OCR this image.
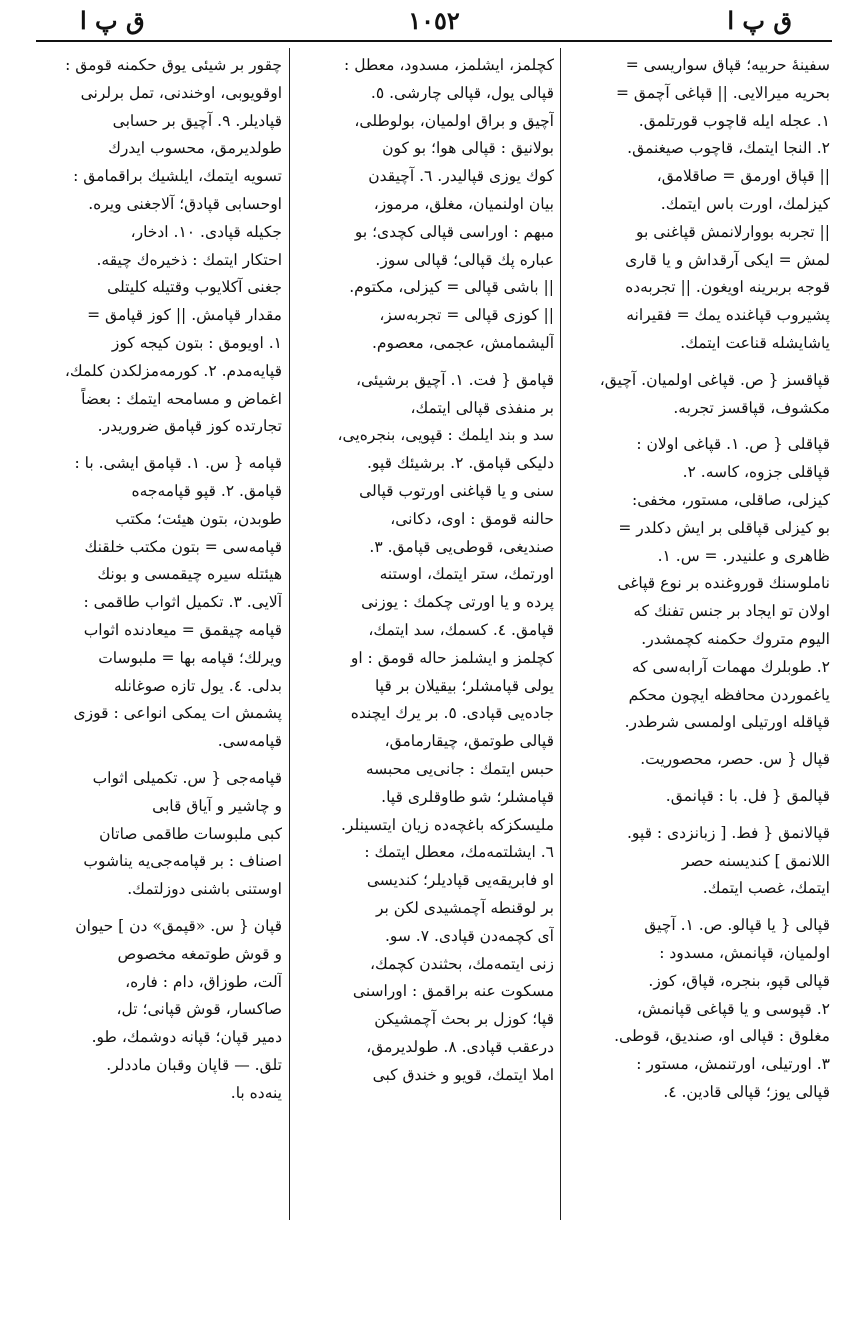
ق پ ا
١٠٥٢
ق پ ا
سفينهٔ حربيه؛ قپاق سواريسی =
بحريه ميرالايی. || قپاغی آچمق =
١. عجله ايله قاچوب قورتلمق.
٢. النجا ايتمك، قاچوب صيغنمق.
|| قپاق اورمق = صاقلامق،
كيزلمك، اورت باس ايتمك.
|| تجربه بووارلانمش قپاغنی بو
لمش = ايكی آرقداش و يا قاری
قوجه بربرينه اويغون. || تجربه‌ده
پشيروب قپاغنده يمك = فقيرانه
ياشايشله قناعت ايتمك.
قپاقسز { ص. قپاغی اولميان. آچيق،
مكشوف، قپاقسز تجربه.
قپاقلی { ص. ١. قپاغی اولان :
قپاقلی جزوه، كاسه. ٢.
كيزلی، صاقلی، مستور، مخفی:
بو كيزلی قپاقلی بر ايش دكلدر =
ظاهری و علنيدر. = س. ١.
ناملوسنك قوروغنده بر نوع قپاغی
اولان تو ايجاد بر جنس تفنك كه
اليوم متروك حكمنه كچمشدر.
٢. طوبلرك مهمات آرابه‌سی كه
ياغموردن محافظه ايچون محكم
قپاقله اورتيلی اولمسی شرطدر.
قپال { س. حصر، محصوريت.
قپالمق { فل. با : قپانمق.
قپالانمق { فط. [ زبانزدی : قپو.
اللانمق ] كنديسنه حصر
ايتمك، غصب ايتمك.
قپالی { يا قپالو. ص. ١. آچيق
اولميان، قپانمش، مسدود :
قپالی قپو، بنجره، قپاق، كوز.
٢. قپوسی و يا قپاغی قپانمش،
مغلوق : قپالی او، صنديق، قوطی.
٣. اورتيلی، اورتنمش، مستور :
قپالی يوز؛ قپالی قادين. ٤.
كچلمز، ايشلمز، مسدود، معطل :
قپالی يول، قپالی چارشی. ٥.
آچيق و براق اولميان، بولوطلی،
بولانيق : قپالی هوا؛ بو كون
كوك يوزی قپاليدر. ٦. آچيقدن
بيان اولنميان، مغلق، مرموز،
مبهم : اوراسی قپالی كچدی؛ بو
عباره پك قپالی؛ قپالی سوز.
|| باشی قپالی = كيزلی، مكتوم.
|| كوزی قپالی = تجربه‌سز،
آليشمامش، عجمی، معصوم.
قپامق { فت. ١. آچيق برشيئی،
بر منفذی قپالی ايتمك،
سد و بند ايلمك : قپويی، بنجره‌يی،
دليكی قپامق. ٢. برشيئك قپو.
سنی و يا قپاغنی اورتوب قپالی
حالنه قومق : اوی، دكانی،
صنديغی، قوطی‌يی قپامق. ٣.
اورتمك، ستر ايتمك، اوستنه
پرده و يا اورتی چكمك : يوزنی
قپامق. ٤. كسمك، سد ايتمك،
كچلمز و ايشلمز حاله قومق : او
يولی قپامشلر؛ بيقيلان بر قپا
جاده‌يی قپادی. ٥. بر يرك ايچنده
قپالی طوتمق، چيقارمامق،
حبس ايتمك : جانی‌يی محبسه
قپامشلر؛ شو طاوقلری قپا.
مليسكزكه باغچه‌ده زيان ايتسينلر.
٦. ايشلتمه‌مك، معطل ايتمك :
او فابريقه‌يی قپاديلر؛ كنديسی
بر لوقنطه آچمشيدی لكن بر
آی كچمه‌دن قپادی. ٧. سو.
زنی ايتمه‌مك، بحثندن كچمك،
مسكوت عنه براقمق : اوراسنی
قپا؛ كوزل بر بحث آچمشيكن
درعقب قپادی. ٨. طولديرمق،
املا ايتمك، قويو و خندق كبی
چقور بر شيئی يوق حكمنه قومق :
اوقويوبی، اوخندنی، تمل برلرنی
قپاديلر. ٩. آچيق بر حسابی
طولديرمق، محسوب ايدرك
تسويه ايتمك، ايلشيك براقمامق :
اوحسابی قپادق؛ آلاجغنی ويره.
جكيله قپادی. ١٠. ادخار،
احتكار ايتمك : ذخيره‌ك چيقه.
جغنی آكلايوب وقتيله كليتلی
مقدار قپامش. || كوز قپامق =
١. اويومق : بتون كيجه كوز
قپايه‌مدم. ٢. كورمه‌مزلكدن كلمك،
اغماض و مسامحه ايتمك : بعضاً
تجارتده كوز قپامق ضروريدر.
قپامه { س. ١. قپامق ايشی. با :
قپامق. ٢. قپو قپامه‌جه‌ه
طوبدن، بتون هيئت؛ مكتب
قپامه‌سی = بتون مكتب خلقنك
هيئتله سيره چيقمسی و بونك
آلايی. ٣. تكميل اثواب طاقمی :
قپامه چيقمق = ميعادنده اثواب
ويرلك؛ قپامه بها = ملبوسات
بدلی. ٤. يول تازه صوغانله
پشمش ات يمكی انواعی : قوزی
قپامه‌سی.
قپامه‌جی { س. تكميلی اثواب
و چاشير و آياق قابی
كبی ملبوسات طاقمی صاتان
اصناف : بر قپامه‌جی‌يه يناشوب
اوستنی باشنی دوزلتمك.
قپان { س. «قپمق» دن ] حيوان
و قوش طوتمغه مخصوص
آلت، طوزاق، دام : فاره،
صاكسار، قوش قپانی؛ تل،
دمير قپان؛ قپانه دوشمك، طو.
تلق. — قاپان وقبان ماددلر.
ينه‌ده با.
